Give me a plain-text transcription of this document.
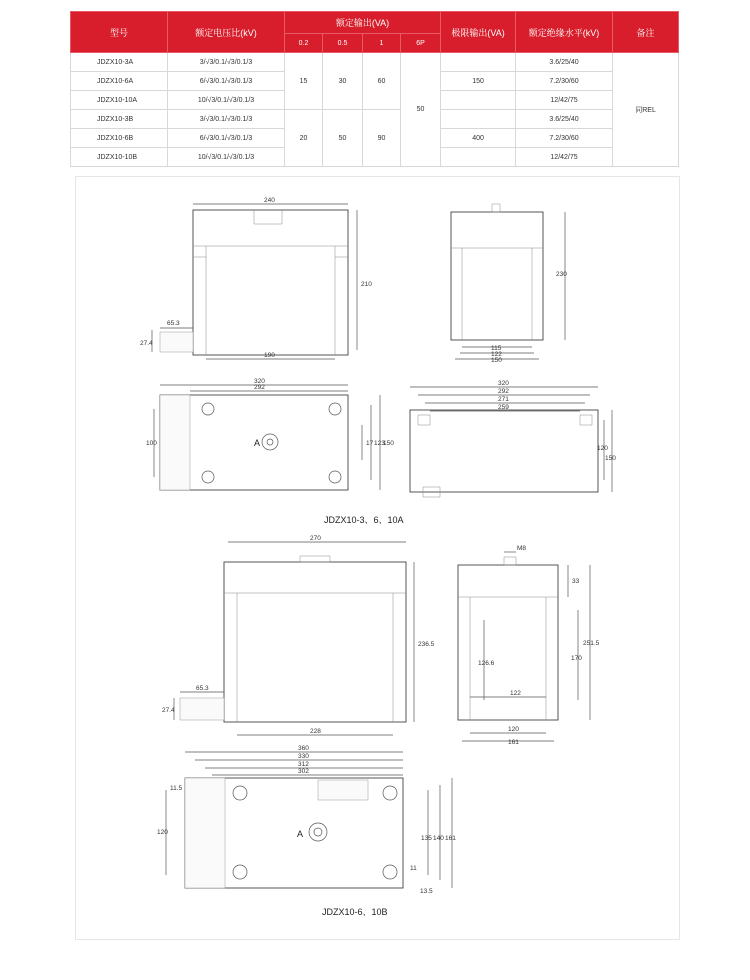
型号	额定电压比(kV)	额定输出(VA)				极限输出(VA)	额定绝缘水平(kV)	备注
		0.2	0.5	1	6P			
JDZX10-3A	3/√3/0.1/√3/0.1/3	15	30	60	50		3.6/25/40	同REL
JDZX10-6A	6/√3/0.1/√3/0.1/3					150	7.2/30/60	
JDZX10-10A	10/√3/0.1/√3/0.1/3						12/42/75	
JDZX10-3B	3/√3/0.1/√3/0.1/3	20	50	90			3.6/25/40	
JDZX10-6B	6/√3/0.1/√3/0.1/3					400	7.2/30/60	
JDZX10-10B	10/√3/0.1/√3/0.1/3						12/42/75	
240
210
27.4
65.3
190
230
115
122
150
A
320
292
100	17 123
150
320
292
271
259
120
150
JDZX10-3、6、10A
270
236.5
27.4
65.3
228
M8
33
126.6
170
251.5
122
120
161
A
360
330
312
302
11.5
120
135 140 161
11
13.5
JDZX10-6、10B
